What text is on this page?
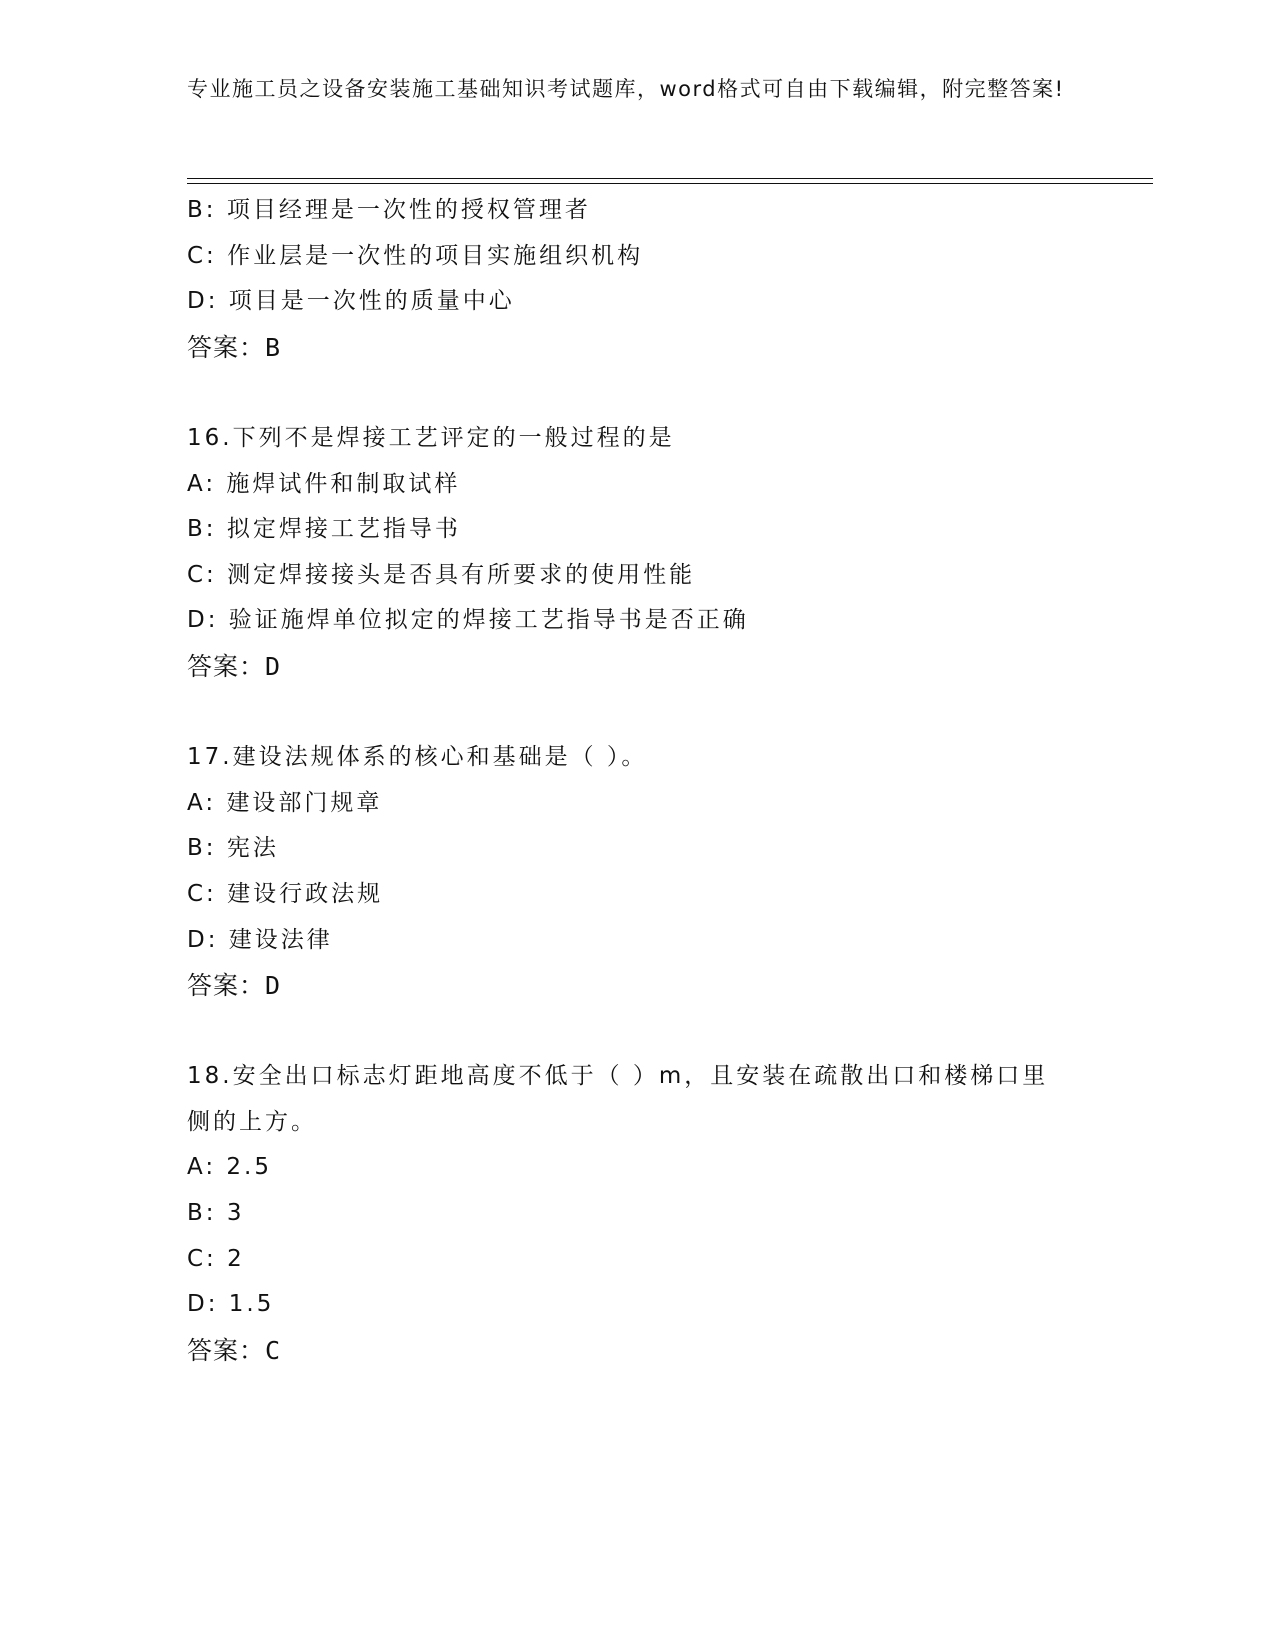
专业施工员之设备安装施工基础知识考试题库，word格式可自由下载编辑，附完整答案!
B: 项目经理是一次性的授权管理者
C: 作业层是一次性的项目实施组织机构
D: 项目是一次性的质量中心
答案：B
16.下列不是焊接工艺评定的一般过程的是
A: 施焊试件和制取试样
B: 拟定焊接工艺指导书
C: 测定焊接接头是否具有所要求的使用性能
D: 验证施焊单位拟定的焊接工艺指导书是否正确
答案：D
17.建设法规体系的核心和基础是（ ）。
A: 建设部门规章
B: 宪法
C: 建设行政法规
D: 建设法律
答案：D
18.安全出口标志灯距地高度不低于（ ）m，且安装在疏散出口和楼梯口里侧的上方。
A: 2.5
B: 3
C: 2
D: 1.5
答案：C
